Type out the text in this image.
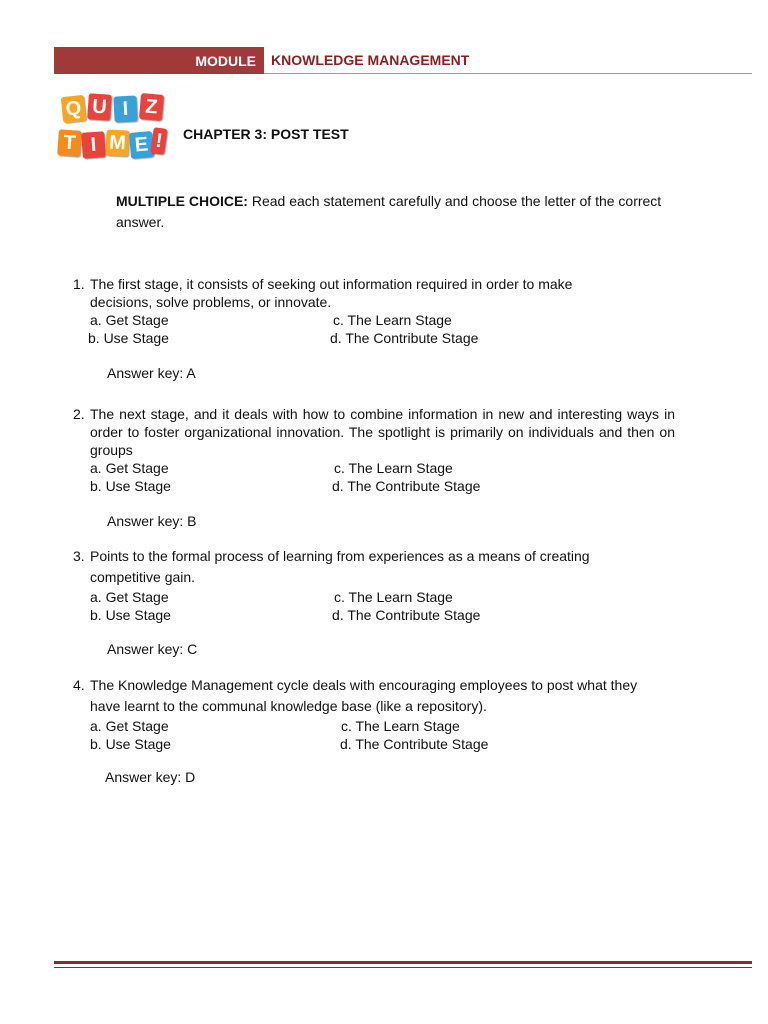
MODULE	KNOWLEDGE MANAGEMENT
Q U I Z
T I M E ! CHAPTER 3: POST TEST
MULTIPLE CHOICE: Read each statement carefully and choose the letter of the correct answer.
1. The first stage, it consists of seeking out information required in order to make decisions, solve problems, or innovate.
a. Get Stage	c. The Learn Stage
b. Use Stage	d. The Contribute Stage
Answer key: A
2. The next stage, and it deals with how to combine information in new and interesting ways in order to foster organizational innovation. The spotlight is primarily on individuals and then on groups
a. Get Stage	c. The Learn Stage
b. Use Stage	d. The Contribute Stage
Answer key: B
3. Points to the formal process of learning from experiences as a means of creating competitive gain.
a. Get Stage	c. The Learn Stage
b. Use Stage	d. The Contribute Stage
Answer key: C
4. The Knowledge Management cycle deals with encouraging employees to post what they have learnt to the communal knowledge base (like a repository).
a. Get Stage	c. The Learn Stage
b. Use Stage	d. The Contribute Stage
Answer key: D
